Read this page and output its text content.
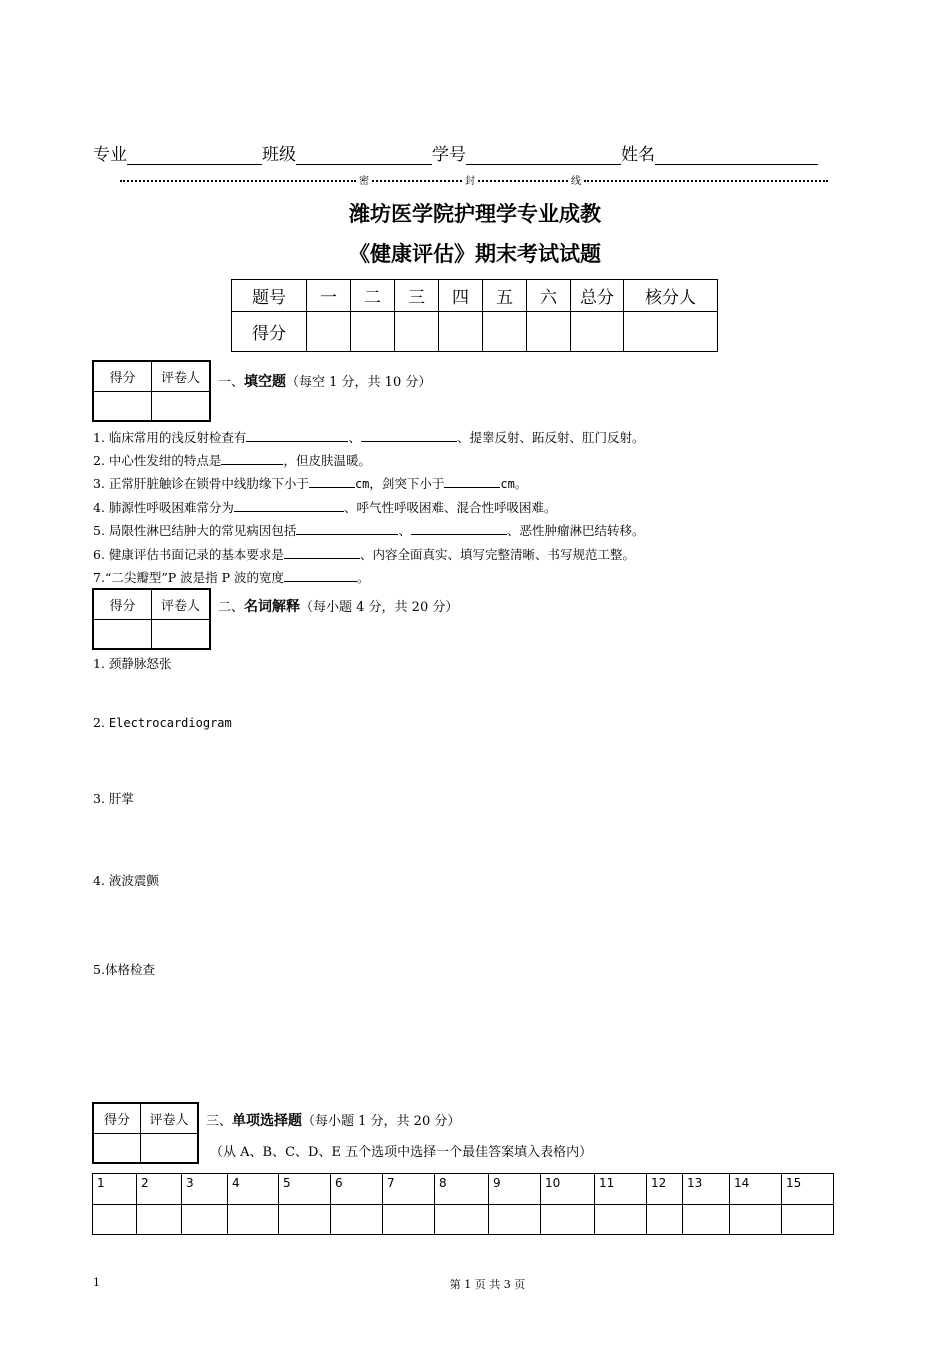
专业	班级	学号	姓名
密	封	线
潍坊医学院护理学专业成教
《健康评估》期末考试试题
题号	一	二	三	四	五	六	总分	核分人
得分								
得分	评卷人
	一、填空题（每空 1 分，共 10 分）
1. 临床常用的浅反射检查有	、	、提睾反射、跖反射、肛门反射。
2. 中心性发绀的特点是	，但皮肤温暖。
3. 正常肝脏触诊在锁骨中线肋缘下小于	cm，剑突下小于	cm。
4. 肺源性呼吸困难常分为	、呼气性呼吸困难、混合性呼吸困难。
5. 局限性淋巴结肿大的常见病因包括	、	、恶性肿瘤淋巴结转移。
6. 健康评估书面记录的基本要求是	、内容全面真实、填写完整清晰、书写规范工整。
7.“二尖瓣型”P 波是指 P 波的宽度	。
得分	评卷人
	二、名词解释（每小题 4 分，共 20 分）
1. 颈静脉怒张
2. Electrocardiogram
3. 肝掌
4. 液波震颤
5.体格检查
得分	评卷人
	三、单项选择题（每小题 1 分，共 20 分）
（从 A、B、C、D、E 五个选项中选择一个最佳答案填入表格内）
1	2	3	4	5	6	7	8	9	10	11	12	13	14	15

1	第 1 页 共 3 页
